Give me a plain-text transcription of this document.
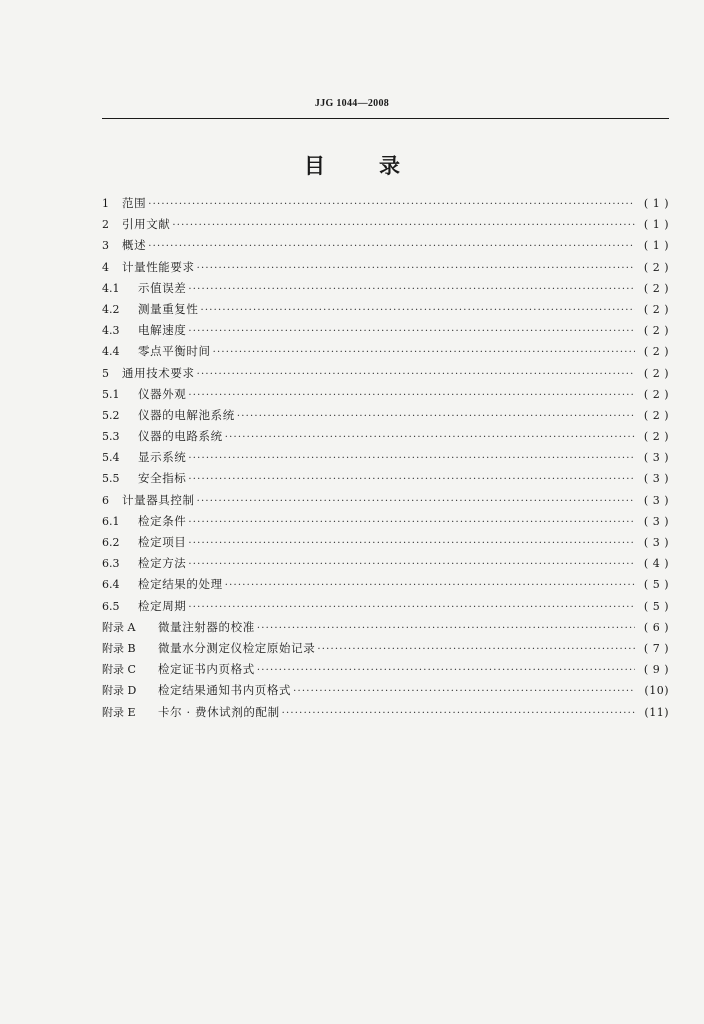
JJG 1044—2008
目	录
1	范围 ·····	( 1 )
2	引用文献 ·····	( 1 )
3	概述 ·····	( 1 )
4	计量性能要求 ·····	( 2 )
4.1	示值误差 ·····	( 2 )
4.2	测量重复性 ·····	( 2 )
4.3	电解速度 ·····	( 2 )
4.4	零点平衡时间 ·····	( 2 )
5	通用技术要求 ·····	( 2 )
5.1	仪器外观 ·····	( 2 )
5.2	仪器的电解池系统 ·····	( 2 )
5.3	仪器的电路系统 ·····	( 2 )
5.4	显示系统 ·····	( 3 )
5.5	安全指标 ·····	( 3 )
6	计量器具控制 ·····	( 3 )
6.1	检定条件 ·····	( 3 )
6.2	检定项目 ·····	( 3 )
6.3	检定方法 ·····	( 4 )
6.4	检定结果的处理 ·····	( 5 )
6.5	检定周期 ·····	( 5 )
附录 A	微量注射器的校准 ·····	( 6 )
附录 B	微量水分测定仪检定原始记录 ·····	( 7 )
附录 C	检定证书内页格式 ·····	( 9 )
附录 D	检定结果通知书内页格式 ·····	(10)
附录 E	卡尔 · 费休试剂的配制 ·····	(11)
